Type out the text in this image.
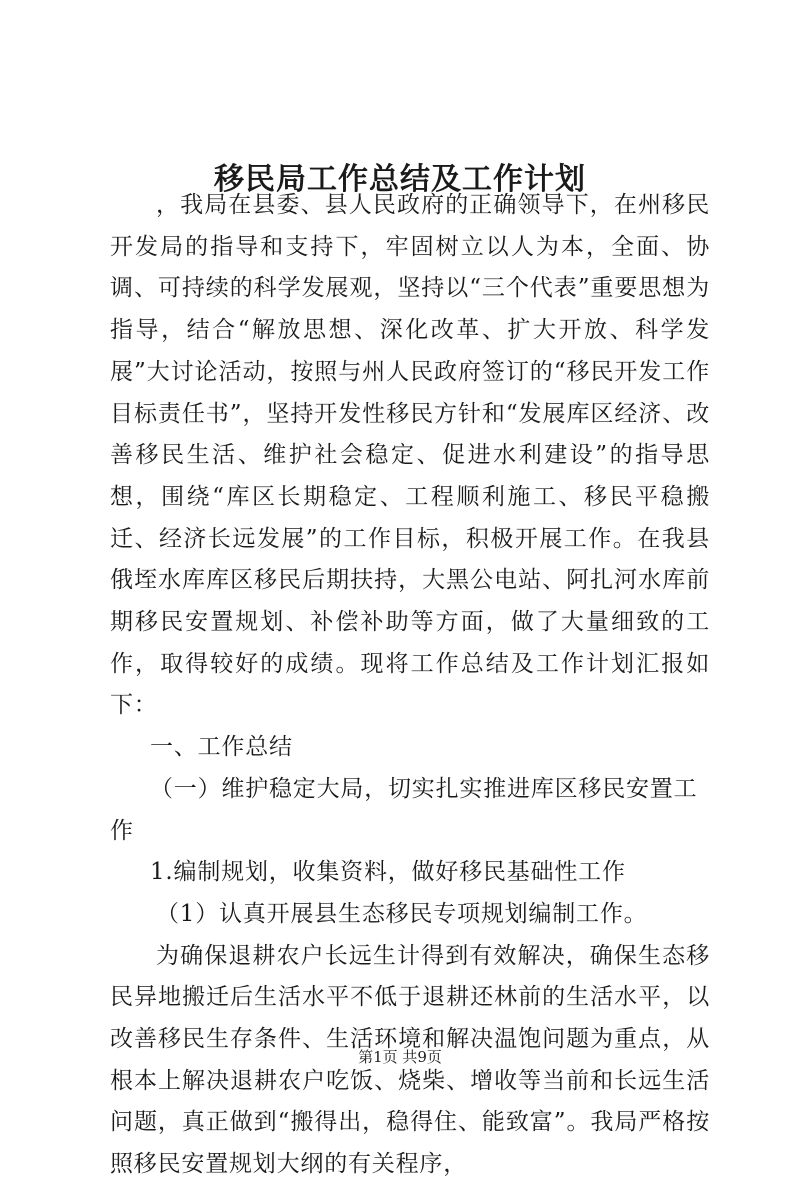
移民局工作总结及工作计划

，我局在县委、县人民政府的正确领导下，在州移民开发局的指导和支持下，牢固树立以人为本，全面、协调、可持续的科学发展观，坚持以“三个代表”重要思想为指导，结合“解放思想、深化改革、扩大开放、科学发展”大讨论活动，按照与州人民政府签订的“移民开发工作目标责任书”，坚持开发性移民方针和“发展库区经济、改善移民生活、维护社会稳定、促进水利建设”的指导思想，围绕“库区长期稳定、工程顺利施工、移民平稳搬迁、经济长远发展”的工作目标，积极开展工作。在我县俄垤水库库区移民后期扶持，大黑公电站、阿扎河水库前期移民安置规划、补偿补助等方面，做了大量细致的工作，取得较好的成绩。现将工作总结及工作计划汇报如下：

一、工作总结

（一）维护稳定大局，切实扎实推进库区移民安置工作

1.编制规划，收集资料，做好移民基础性工作

（1）认真开展县生态移民专项规划编制工作。

为确保退耕农户长远生计得到有效解决，确保生态移民异地搬迁后生活水平不低于退耕还林前的生活水平，以改善移民生存条件、生活环境和解决温饱问题为重点，从根本上解决退耕农户吃饭、烧柴、增收等当前和长远生活问题，真正做到“搬得出，稳得住、能致富”。我局严格按照移民安置规划大纲的有关程序，

第1页 共9页
